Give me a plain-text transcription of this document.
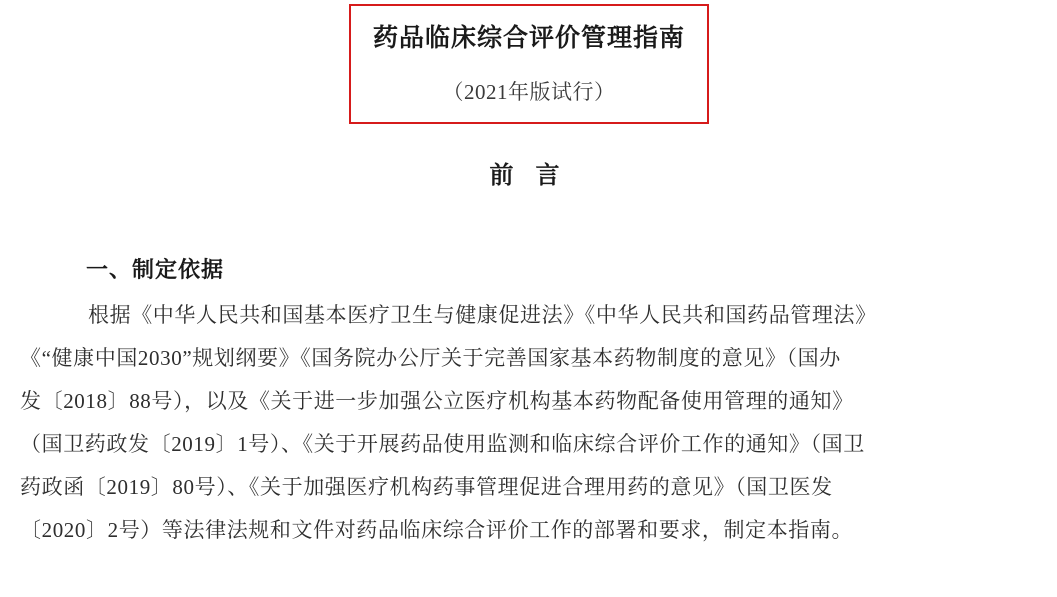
药品临床综合评价管理指南
（2021年版试行）
前 言
一、制定依据
根据《中华人民共和国基本医疗卫生与健康促进法》《中华人民共和国药品管理法》
《“健康中国2030”规划纲要》《国务院办公厅关于完善国家基本药物制度的意见》（国办
发〔2018〕88号），以及《关于进一步加强公立医疗机构基本药物配备使用管理的通知》
（国卫药政发〔2019〕1号）、《关于开展药品使用监测和临床综合评价工作的通知》（国卫
药政函〔2019〕80号）、《关于加强医疗机构药事管理促进合理用药的意见》（国卫医发
〔2020〕2号）等法律法规和文件对药品临床综合评价工作的部署和要求，制定本指南。
